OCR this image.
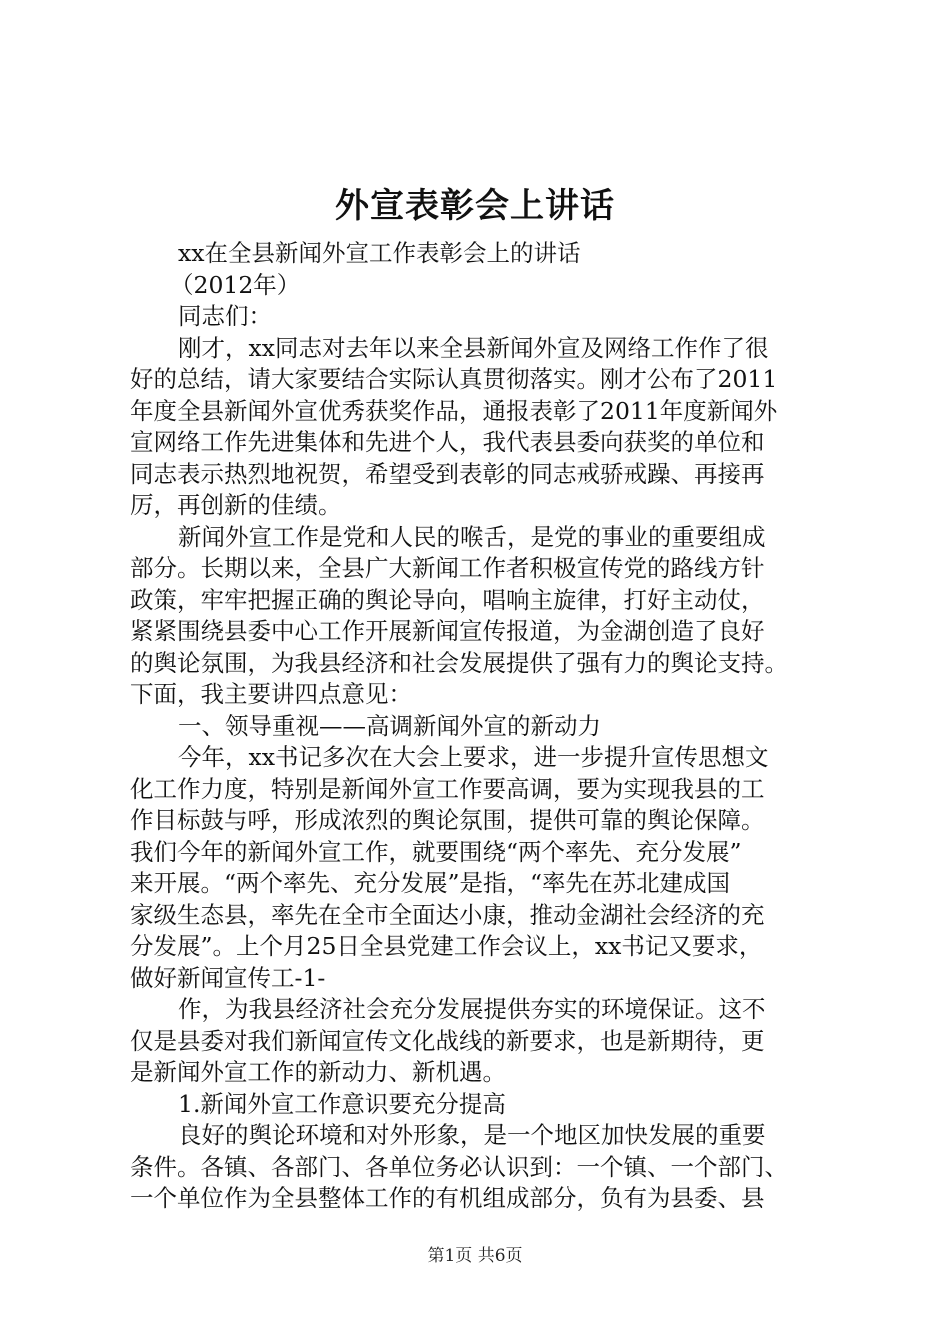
外宣表彰会上讲话
xx在全县新闻外宣工作表彰会上的讲话
（2012年）
同志们：
刚才，xx同志对去年以来全县新闻外宣及网络工作作了很
好的总结，请大家要结合实际认真贯彻落实。刚才公布了2011
年度全县新闻外宣优秀获奖作品，通报表彰了2011年度新闻外
宣网络工作先进集体和先进个人，我代表县委向获奖的单位和
同志表示热烈地祝贺，希望受到表彰的同志戒骄戒躁、再接再
厉，再创新的佳绩。
新闻外宣工作是党和人民的喉舌，是党的事业的重要组成
部分。长期以来，全县广大新闻工作者积极宣传党的路线方针
政策，牢牢把握正确的舆论导向，唱响主旋律，打好主动仗，
紧紧围绕县委中心工作开展新闻宣传报道，为金湖创造了良好
的舆论氛围，为我县经济和社会发展提供了强有力的舆论支持。
下面，我主要讲四点意见：
一、领导重视——高调新闻外宣的新动力
今年，xx书记多次在大会上要求，进一步提升宣传思想文
化工作力度，特别是新闻外宣工作要高调，要为实现我县的工
作目标鼓与呼，形成浓烈的舆论氛围，提供可靠的舆论保障。
我们今年的新闻外宣工作，就要围绕“两个率先、充分发展”
来开展。“两个率先、充分发展”是指，“率先在苏北建成国
家级生态县，率先在全市全面达小康，推动金湖社会经济的充
分发展”。上个月25日全县党建工作会议上，xx书记又要求，
做好新闻宣传工-1-
作，为我县经济社会充分发展提供夯实的环境保证。这不
仅是县委对我们新闻宣传文化战线的新要求，也是新期待，更
是新闻外宣工作的新动力、新机遇。
1.新闻外宣工作意识要充分提高
良好的舆论环境和对外形象，是一个地区加快发展的重要
条件。各镇、各部门、各单位务必认识到：一个镇、一个部门、
一个单位作为全县整体工作的有机组成部分，负有为县委、县
第1页 共6页
